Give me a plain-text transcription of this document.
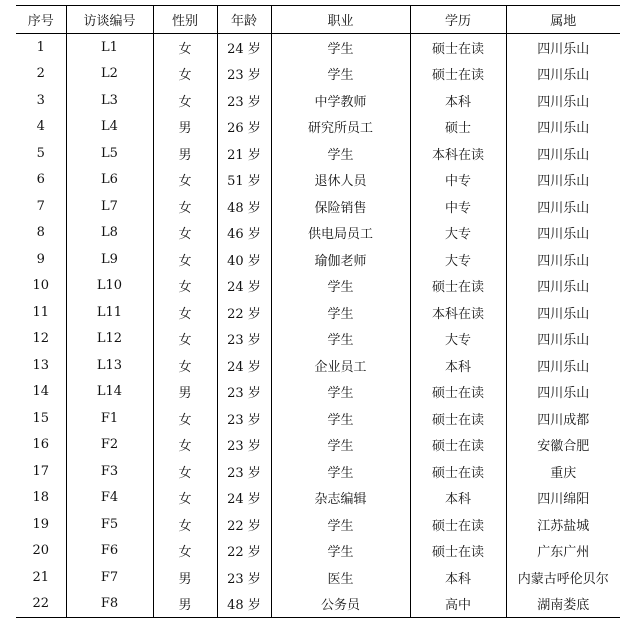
序号	访谈编号	性别	年龄	职业	学历	属地
1	L1	女	24 岁	学生	硕士在读	四川乐山
2	L2	女	23 岁	学生	硕士在读	四川乐山
3	L3	女	23 岁	中学教师	本科	四川乐山
4	L4	男	26 岁	研究所员工	硕士	四川乐山
5	L5	男	21 岁	学生	本科在读	四川乐山
6	L6	女	51 岁	退休人员	中专	四川乐山
7	L7	女	48 岁	保险销售	中专	四川乐山
8	L8	女	46 岁	供电局员工	大专	四川乐山
9	L9	女	40 岁	瑜伽老师	大专	四川乐山
10	L10	女	24 岁	学生	硕士在读	四川乐山
11	L11	女	22 岁	学生	本科在读	四川乐山
12	L12	女	23 岁	学生	大专	四川乐山
13	L13	女	24 岁	企业员工	本科	四川乐山
14	L14	男	23 岁	学生	硕士在读	四川乐山
15	F1	女	23 岁	学生	硕士在读	四川成都
16	F2	女	23 岁	学生	硕士在读	安徽合肥
17	F3	女	23 岁	学生	硕士在读	重庆
18	F4	女	24 岁	杂志编辑	本科	四川绵阳
19	F5	女	22 岁	学生	硕士在读	江苏盐城
20	F6	女	22 岁	学生	硕士在读	广东广州
21	F7	男	23 岁	医生	本科	内蒙古呼伦贝尔
22	F8	男	48 岁	公务员	高中	湖南娄底
